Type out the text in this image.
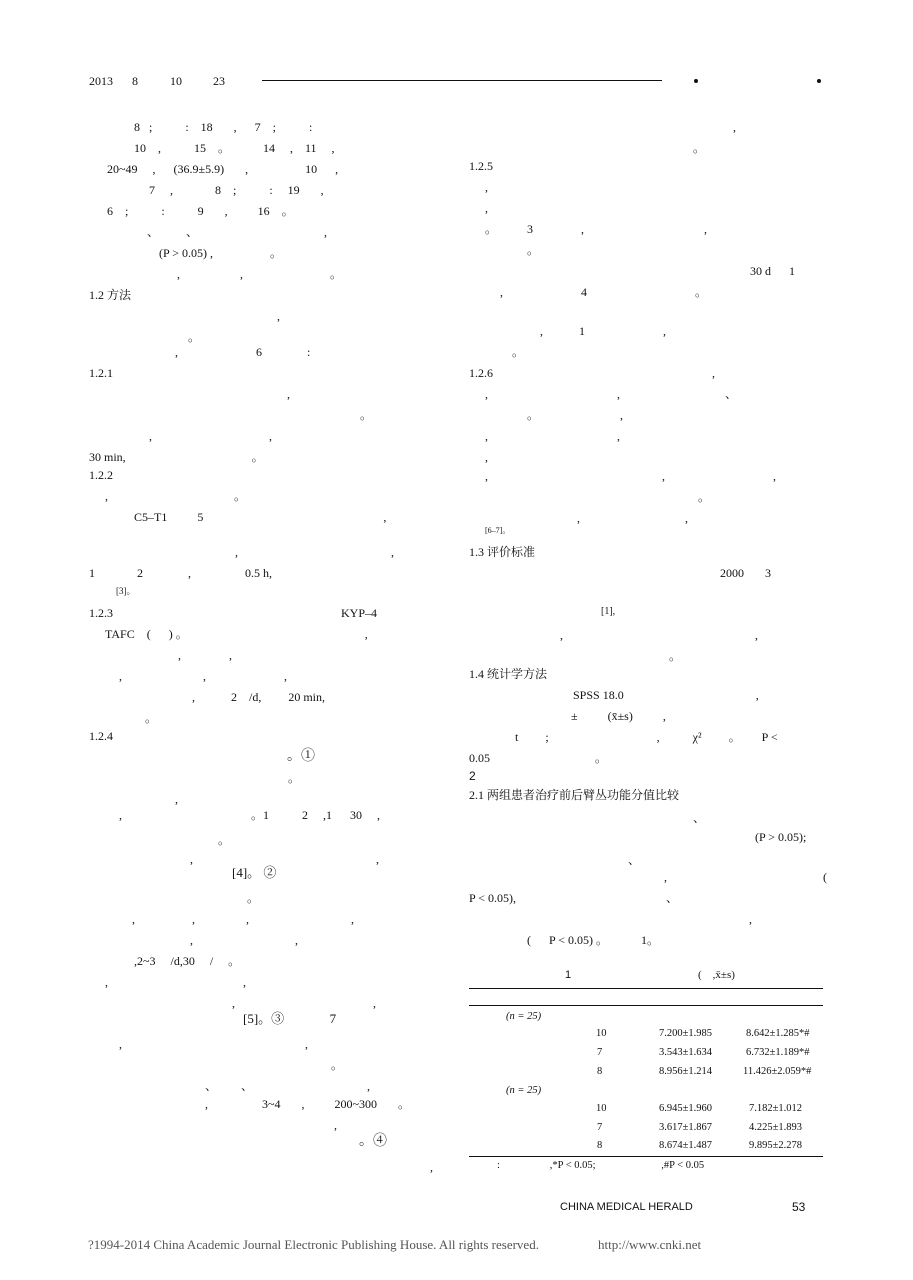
2013 8	10	23
8   ;           :    18       ,      7    ;           :
10    ,           15    。           14     ,    11     ,
20~49     ,      (36.9±5.9)       ,                   10      ,
7     ,              8    ;           :     19       ,
6    ;           :           9       ,          16    。
、         、                                          ,
(P > 0.05) ,                   。
,                    ,                             。
1.2 方法
,
。
,                          6               :
1.2.1
,
。
,                                       ,
30 min,                                          。
1.2.2
,                                          。
C5–T1          5                                                            ,
,                                                   ,
1              2               ,                  0.5 h,
[3]。
1.2.3                                                                            KYP–4
TAFC    (      ) 。                                                           ,
,                ,
,                           ,                          ,
,            2    /d,         20 min,
。
1.2.4
。①
。
,
,                                           。1           2     ,1      30     ,
。
,                                                             ,
[4]。 ②
。
,                   ,                 ,                                  ,
,                                  ,
,2~3     /d,30     /     。
,                                             ,
,                                              ,
[5]。③              7
,                                                             ,
。
、        、                                      ,
,                  3~4       ,          200~300       。
,
。④
,
,
。
1.2.5
,
,
。          3                ,                                        ,
。
30 d      1
,                          4                                    。
,            1                          ,
。
1.2.6                                                                         ,
,                                           ,                                   、
。                           ,
,                                           ,
,
,                                                          ,                                    ,
。
,                                   ,
[6–7]。
1.3 评价标准
2000       3
[1],
,                                                                ,
。
1.4 统计学方法
SPSS 18.0                                            ,
±          (x̄±s)          ,
t         ;                                    ,           χ²         。       P <
0.05                                   。
2
2.1 两组患者治疗前后臂丛功能分值比较
、
(P > 0.05);
、
,                                                    (
P < 0.05),                                                  、
,
(      P < 0.05) 。           1。
1	(    ,x̄±s)
(n = 25)
10	7.200±1.985	8.642±1.285*#
7	3.543±1.634	6.732±1.189*#
8	8.956±1.214	11.426±2.059*#
(n = 25)
10	6.945±1.960	7.182±1.012
7	3.617±1.867	4.225±1.893
8	8.674±1.487	9.895±2.278
:                   ,*P < 0.05;                         ,#P < 0.05
CHINA MEDICAL HERALD	53
?1994-2014 China Academic Journal Electronic Publishing House. All rights reserved.	http://www.cnki.net
